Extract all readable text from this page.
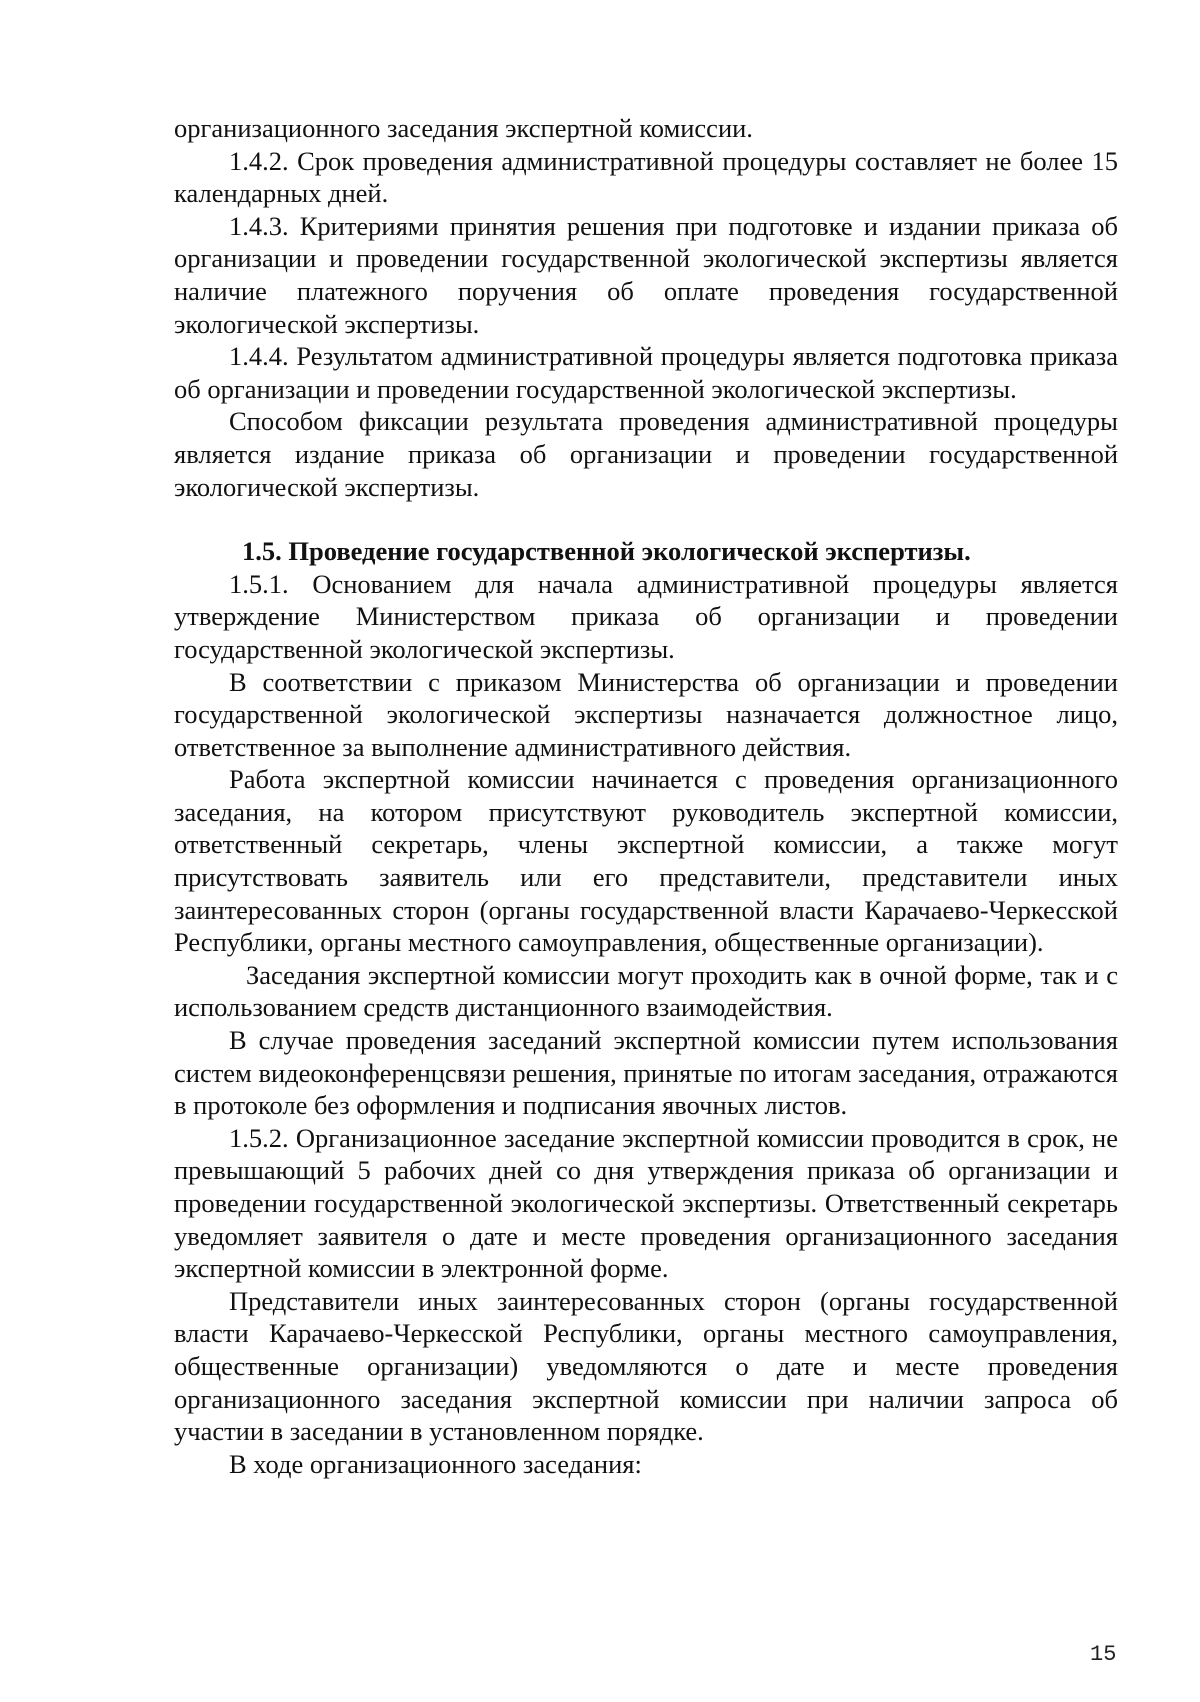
организационного заседания экспертной комиссии.

1.4.2. Срок проведения административной процедуры составляет не более 15 календарных дней.

1.4.3. Критериями принятия решения при подготовке и издании приказа об организации и проведении государственной экологической экспертизы является наличие платежного поручения об оплате проведения государственной экологической экспертизы.

1.4.4. Результатом административной процедуры является подготовка приказа об организации и проведении государственной экологической экспертизы.

Способом фиксации результата проведения административной процедуры является издание приказа об организации и проведении государственной экологической экспертизы.

1.5. Проведение государственной экологической экспертизы.

1.5.1. Основанием для начала административной процедуры является утверждение Министерством приказа об организации и проведении государственной экологической экспертизы.

В соответствии с приказом Министерства об организации и проведении государственной экологической экспертизы назначается должностное лицо, ответственное за выполнение административного действия.

Работа экспертной комиссии начинается с проведения организационного заседания, на котором присутствуют руководитель экспертной комиссии, ответственный секретарь, члены экспертной комиссии, а также могут присутствовать заявитель или его представители, представители иных заинтересованных сторон (органы государственной власти Карачаево-Черкесской Республики, органы местного самоуправления, общественные организации).

Заседания экспертной комиссии могут проходить как в очной форме, так и с использованием средств дистанционного взаимодействия.

В случае проведения заседаний экспертной комиссии путем использования систем видеоконференцсвязи решения, принятые по итогам заседания, отражаются в протоколе без оформления и подписания явочных листов.

1.5.2. Организационное заседание экспертной комиссии проводится в срок, не превышающий 5 рабочих дней со дня утверждения приказа об организации и проведении государственной экологической экспертизы. Ответственный секретарь уведомляет заявителя о дате и месте проведения организационного заседания экспертной комиссии в электронной форме.

Представители иных заинтересованных сторон (органы государственной власти Карачаево-Черкесской Республики, органы местного самоуправления, общественные организации) уведомляются о дате и месте проведения организационного заседания экспертной комиссии при наличии запроса об участии в заседании в установленном порядке.

В ходе организационного заседания:

15
